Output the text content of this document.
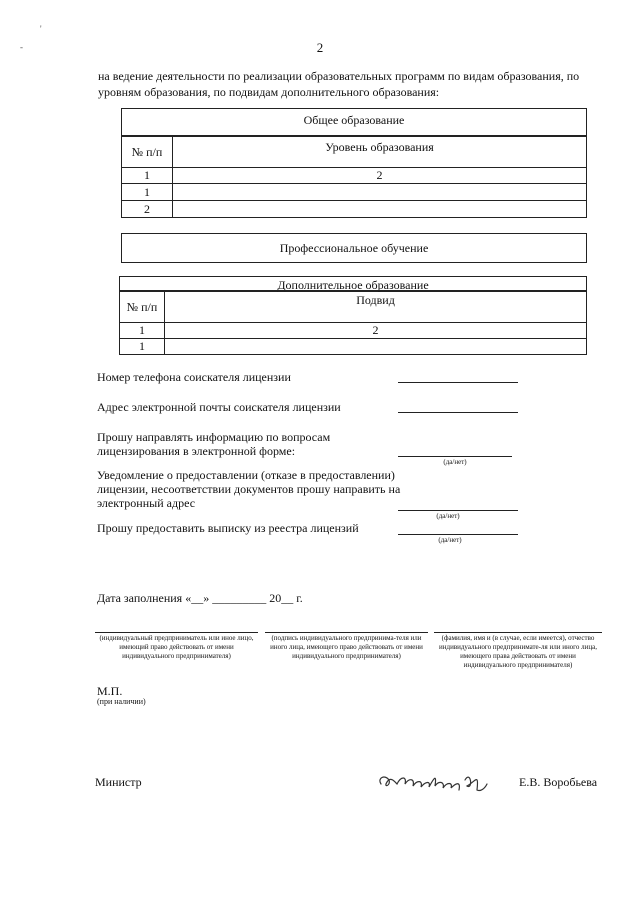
-
'
2
на ведение деятельности по реализации образовательных программ по видам образования, по уровням образования, по подвидам дополнительного образования:
Общее образование
№ п/п	Уровень образования
1	2
1	
2	
Профессиональное обучение
Дополнительное образование
№ п/п	Подвид
1	2
1	
Номер телефона соискателя лицензии
Адрес электронной почты соискателя лицензии
Прошу направлять информацию по вопросам лицензирования в электронной форме:
(да/нет)
Уведомление о предоставлении (отказе в предоставлении) лицензии, несоответствии документов прошу направить на электронный адрес
(да/нет)
Прошу предоставить выписку из реестра лицензий
(да/нет)
Дата заполнения «__» _________ 20__ г.
(индивидуальный предприниматель или иное лицо, имеющий право действовать от имени индивидуального предпринимателя)
(подпись индивидуального предпринима-теля или иного лица, имеющего право действовать от имени индивидуального предпринимателя)
(фамилия, имя и (в случае, если имеется), отчество индивидуального предпринимате-ля или иного лица, имеющего права действовать от имени индивидуального предпринимателя)
М.П.
(при наличии)
Министр	Е.В. Воробьева
